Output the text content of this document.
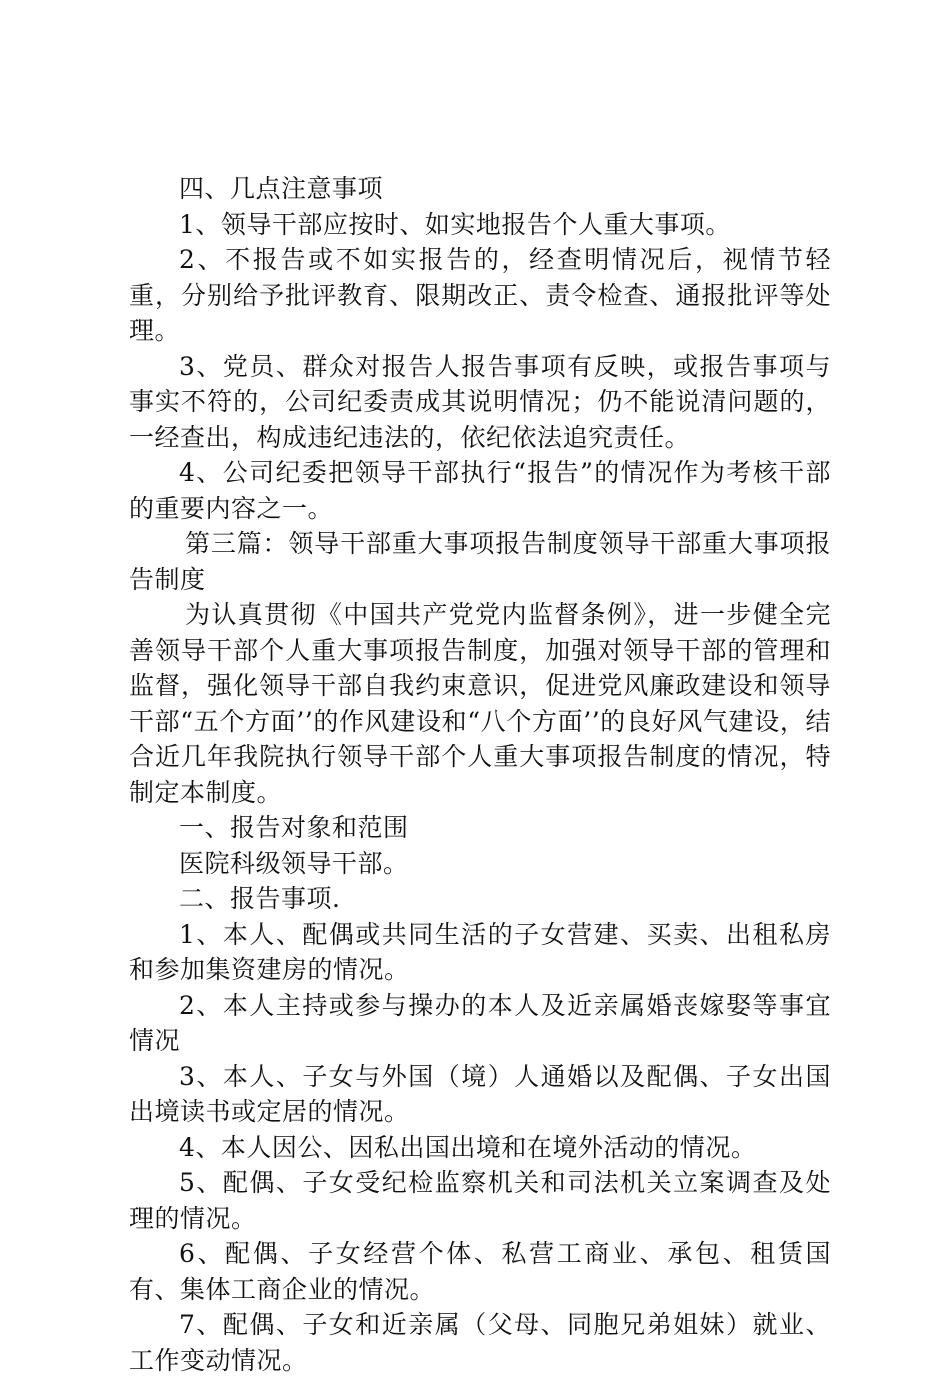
四、几点注意事项

1、领导干部应按时、如实地报告个人重大事项。

2、不报告或不如实报告的，经查明情况后，视情节轻重，分别给予批评教育、限期改正、责令检查、通报批评等处理。

3、党员、群众对报告人报告事项有反映，或报告事项与事实不符的，公司纪委责成其说明情况；仍不能说清问题的，一经查出，构成违纪违法的，依纪依法追究责任。

4、公司纪委把领导干部执行“报告”的情况作为考核干部的重要内容之一。

第三篇：领导干部重大事项报告制度领导干部重大事项报告制度

为认真贯彻《中国共产党党内监督条例》，进一步健全完善领导干部个人重大事项报告制度，加强对领导干部的管理和监督，强化领导干部自我约束意识，促进党风廉政建设和领导干部“五个方面’’的作风建设和“八个方面’’的良好风气建设，结合近几年我院执行领导干部个人重大事项报告制度的情况，特制定本制度。

一、报告对象和范围

医院科级领导干部。

二、报告事项.

1、本人、配偶或共同生活的子女营建、买卖、出租私房和参加集资建房的情况。

2、本人主持或参与操办的本人及近亲属婚丧嫁娶等事宜情况

3、本人、子女与外国（境）人通婚以及配偶、子女出国出境读书或定居的情况。

4、本人因公、因私出国出境和在境外活动的情况。

5、配偶、子女受纪检监察机关和司法机关立案调查及处理的情况。

6、配偶、子女经营个体、私营工商业、承包、租赁国有、集体工商企业的情况。

7、配偶、子女和近亲属（父母、同胞兄弟姐妹）就业、工作变动情况。
